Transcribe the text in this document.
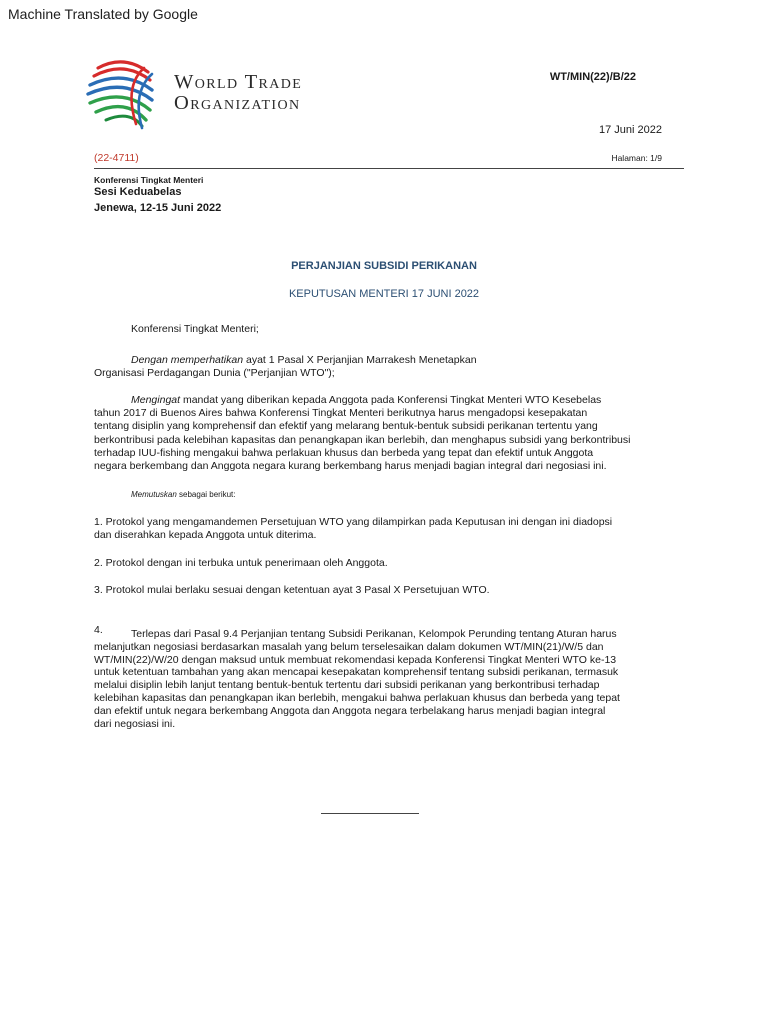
Machine Translated by Google
World Trade
Organization
WT/MIN(22)/B/22
17 Juni 2022
(22-4711)	Halaman: 1/9
Konferensi Tingkat Menteri
Sesi Keduabelas
Jenewa, 12-15 Juni 2022
PERJANJIAN SUBSIDI PERIKANAN
KEPUTUSAN MENTERI 17 JUNI 2022
Konferensi Tingkat Menteri;
Dengan memperhatikan ayat 1 Pasal X Perjanjian Marrakesh Menetapkan
Organisasi Perdagangan Dunia ("Perjanjian WTO");
Mengingat mandat yang diberikan kepada Anggota pada Konferensi Tingkat Menteri WTO Kesebelas
tahun 2017 di Buenos Aires bahwa Konferensi Tingkat Menteri berikutnya harus mengadopsi kesepakatan
tentang disiplin yang komprehensif dan efektif yang melarang bentuk-bentuk subsidi perikanan tertentu yang
berkontribusi pada kelebihan kapasitas dan penangkapan ikan berlebih, dan menghapus subsidi yang berkontribusi
terhadap IUU-fishing mengakui bahwa perlakuan khusus dan berbeda yang tepat dan efektif untuk Anggota
negara berkembang dan Anggota negara kurang berkembang harus menjadi bagian integral dari negosiasi ini.
Memutuskan sebagai berikut:
1. Protokol yang mengamandemen Persetujuan WTO yang dilampirkan pada Keputusan ini dengan ini diadopsi
dan diserahkan kepada Anggota untuk diterima.
2. Protokol dengan ini terbuka untuk penerimaan oleh Anggota.
3. Protokol mulai berlaku sesuai dengan ketentuan ayat 3 Pasal X Persetujuan WTO.
4.	Terlepas dari Pasal 9.4 Perjanjian tentang Subsidi Perikanan, Kelompok Perunding tentang Aturan harus
melanjutkan negosiasi berdasarkan masalah yang belum terselesaikan dalam dokumen WT/MIN(21)/W/5 dan
WT/MIN(22)/W/20 dengan maksud untuk membuat rekomendasi kepada Konferensi Tingkat Menteri WTO ke-13
untuk ketentuan tambahan yang akan mencapai kesepakatan komprehensif tentang subsidi perikanan, termasuk
melalui disiplin lebih lanjut tentang bentuk-bentuk tertentu dari subsidi perikanan yang berkontribusi terhadap
kelebihan kapasitas dan penangkapan ikan berlebih, mengakui bahwa perlakuan khusus dan berbeda yang tepat
dan efektif untuk negara berkembang Anggota dan Anggota negara terbelakang harus menjadi bagian integral
dari negosiasi ini.
